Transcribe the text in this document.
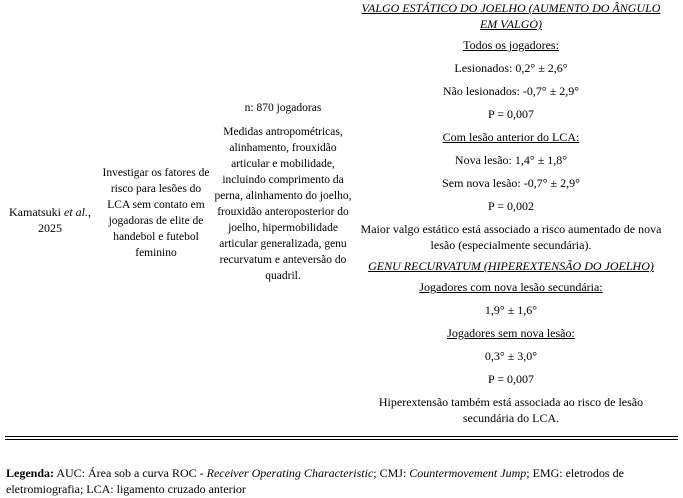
Kamatsuki et al., 2025
Investigar os fatores de risco para lesões do LCA sem contato em jogadoras de elite de handebol e futebol feminino
n: 870 jogadoras
Medidas antropométricas, alinhamento, frouxidão articular e mobilidade, incluindo comprimento da perna, alinhamento do joelho, frouxidão anteroposterior do joelho, hipermobilidade articular generalizada, genu recurvatum e anteversão do quadril.
VALGO ESTÁTICO DO JOELHO (AUMENTO DO ÂNGULO EM VALGO)
Todos os jogadores:
Lesionados: 0,2° ± 2,6°
Não lesionados: -0,7° ± 2,9°
P = 0,007
Com lesão anterior do LCA:
Nova lesão: 1,4° ± 1,8°
Sem nova lesão: -0,7° ± 2,9°
P = 0,002
Maior valgo estático está associado a risco aumentado de nova lesão (especialmente secundária).
GENU RECURVATUM (HIPEREXTENSÃO DO JOELHO)
Jogadores com nova lesão secundária:
1,9° ± 1,6°
Jogadores sem nova lesão:
0,3° ± 3,0°
P = 0,007
Hiperextensão também está associada ao risco de lesão secundária do LCA.
Legenda: AUC: Área sob a curva ROC - Receiver Operating Characteristic; CMJ: Countermovement Jump; EMG: eletrodos de eletromiografia; LCA: ligamento cruzado anterior
